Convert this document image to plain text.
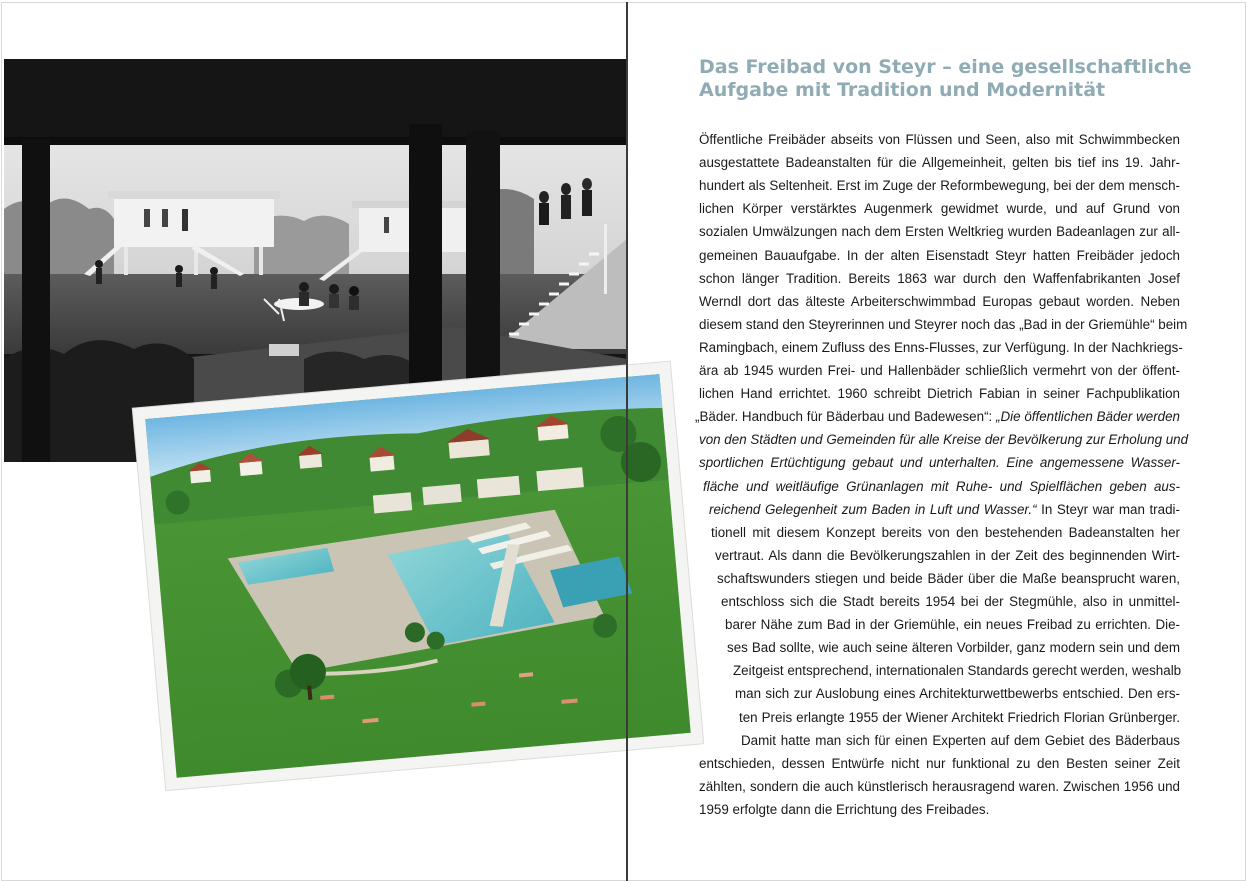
Das Freibad von Steyr – eine gesellschaftliche
Aufgabe mit Tradition und Modernität
Öffentliche Freibäder abseits von Flüssen und Seen, also mit Schwimmbecken
ausgestattete Badeanstalten für die Allgemeinheit, gelten bis tief ins 19. Jahr-
hundert als Seltenheit. Erst im Zuge der Reformbewegung, bei der dem mensch-
lichen Körper verstärktes Augenmerk gewidmet wurde, und auf Grund von
sozialen Umwälzungen nach dem Ersten Weltkrieg wurden Badeanlagen zur all-
gemeinen Bauaufgabe. In der alten Eisenstadt Steyr hatten Freibäder jedoch
schon länger Tradition. Bereits 1863 war durch den Waffenfabrikanten Josef
Werndl dort das älteste Arbeiterschwimmbad Europas gebaut worden. Neben
diesem stand den Steyrerinnen und Steyrer noch das „Bad in der Griemühle“ beim
Ramingbach, einem Zufluss des Enns-Flusses, zur Verfügung. In der Nachkriegs-
ära ab 1945 wurden Frei- und Hallenbäder schließlich vermehrt von der öffent-
lichen Hand errichtet. 1960 schreibt Dietrich Fabian in seiner Fachpublikation
„Bäder. Handbuch für Bäderbau und Badewesen“: „Die öffentlichen Bäder werden
von den Städten und Gemeinden für alle Kreise der Bevölkerung zur Erholung und
sportlichen Ertüchtigung gebaut und unterhalten. Eine angemessene Wasser-
fläche und weitläufige Grünanlagen mit Ruhe- und Spielflächen geben aus-
reichend Gelegenheit zum Baden in Luft und Wasser.“ In Steyr war man tradi-
tionell mit diesem Konzept bereits von den bestehenden Badeanstalten her
vertraut. Als dann die Bevölkerungszahlen in der Zeit des beginnenden Wirt-
schaftswunders stiegen und beide Bäder über die Maße beansprucht waren,
entschloss sich die Stadt bereits 1954 bei der Stegmühle, also in unmittel-
barer Nähe zum Bad in der Griemühle, ein neues Freibad zu errichten. Die-
ses Bad sollte, wie auch seine älteren Vorbilder, ganz modern sein und dem
Zeitgeist entsprechend, internationalen Standards gerecht werden, weshalb
man sich zur Auslobung eines Architekturwettbewerbs entschied. Den ers-
ten Preis erlangte 1955 der Wiener Architekt Friedrich Florian Grünberger.
Damit hatte man sich für einen Experten auf dem Gebiet des Bäderbaus
entschieden, dessen Entwürfe nicht nur funktional zu den Besten seiner Zeit
zählten, sondern die auch künstlerisch herausragend waren. Zwischen 1956 und
1959 erfolgte dann die Errichtung des Freibades.
